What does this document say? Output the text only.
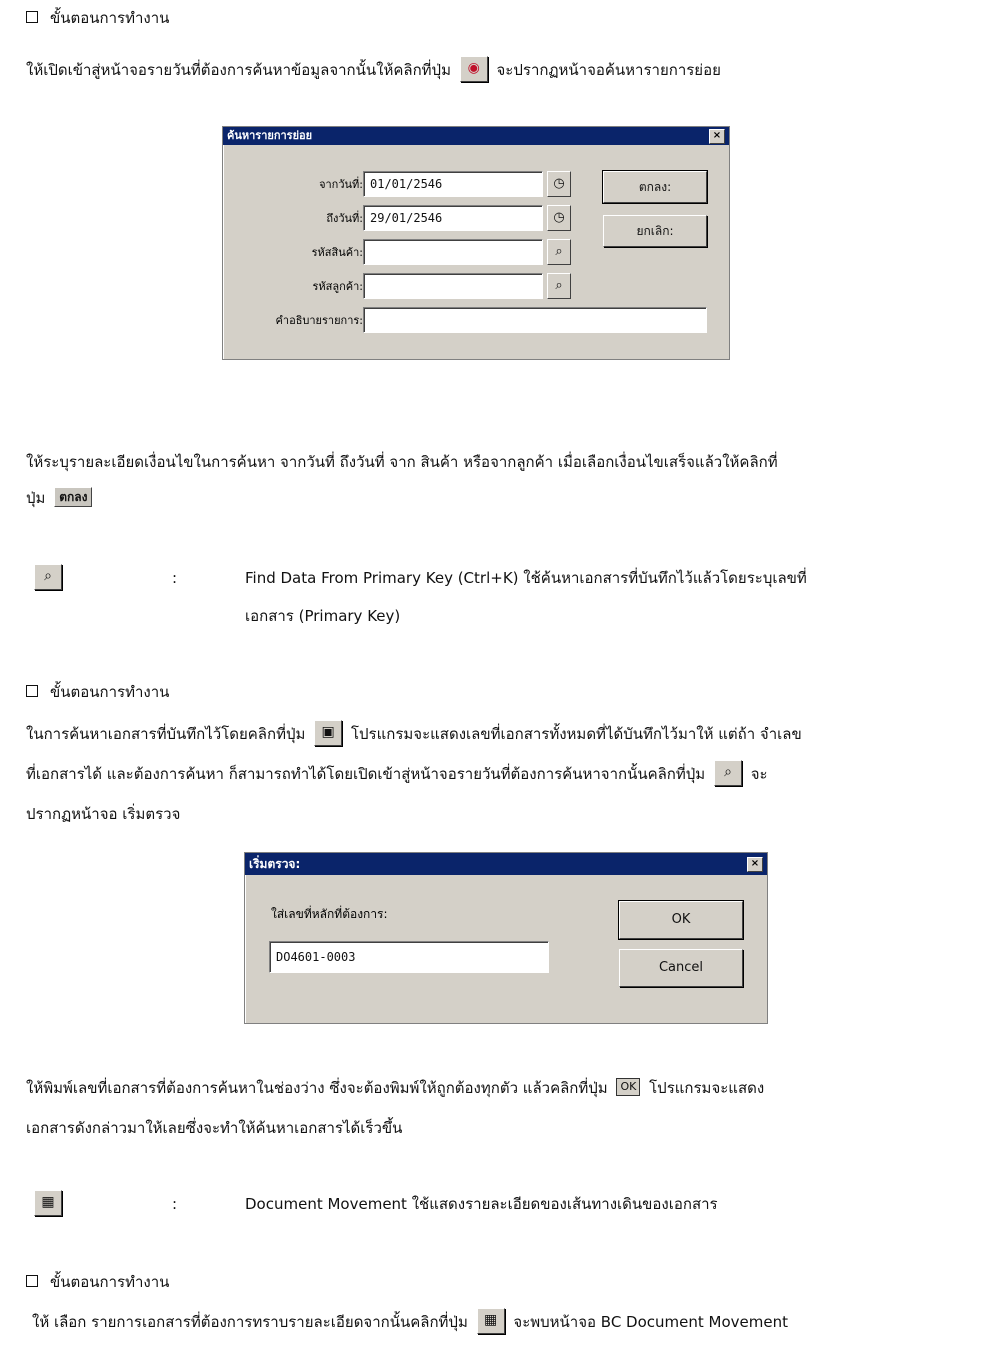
ขั้นตอนการทำงาน
ให้เปิดเข้าสู่หน้าจอรายวันที่ต้องการค้นหาข้อมูลจากนั้นให้คลิกที่ปุ่ม ◉ จะปรากฏหน้าจอค้นหารายการย่อย
ค้นหารายการย่อย	×
จากวันที่: 01/01/2546	◷
ถึงวันที่: 29/01/2546	◷
รหัสสินค้า:	⌕
รหัสลูกค้า:	⌕
คำอธิบายรายการ:
ตกลง:
ยกเลิก:
ให้ระบุรายละเอียดเงื่อนไขในการค้นหา จากวันที่ ถึงวันที่ จาก สินค้า หรือจากลูกค้า เมื่อเลือกเงื่อนไขเสร็จแล้วให้คลิกที่
ปุ่ม ตกลง
⌕	:	Find Data From Primary Key (Ctrl+K) ใช้ค้นหาเอกสารที่บันทึกไว้แล้วโดยระบุเลขที่
เอกสาร (Primary Key)
ขั้นตอนการทำงาน
ในการค้นหาเอกสารที่บันทึกไว้โดยคลิกที่ปุ่ม ▣ โปรแกรมจะแสดงเลขที่เอกสารทั้งหมดที่ได้บันทึกไว้มาให้ แต่ถ้า จำเลข
ที่เอกสารได้ และต้องการค้นหา ก็สามารถทำได้โดยเปิดเข้าสู่หน้าจอรายวันที่ต้องการค้นหาจากนั้นคลิกที่ปุ่ม ⌕ จะ
ปรากฏหน้าจอ เริ่มตรวจ
เริ่มตรวจ:	×
ใส่เลขที่หลักที่ต้องการ:
DO4601-0003
OK
Cancel
ให้พิมพ์เลขที่เอกสารที่ต้องการค้นหาในช่องว่าง ซึ่งจะต้องพิมพ์ให้ถูกต้องทุกตัว แล้วคลิกที่ปุ่ม OK โปรแกรมจะแสดง
เอกสารดังกล่าวมาให้เลยซึ่งจะทำให้ค้นหาเอกสารได้เร็วขึ้น
▦	:	Document Movement ใช้แสดงรายละเอียดของเส้นทางเดินของเอกสาร
ขั้นตอนการทำงาน
ให้ เลือก รายการเอกสารที่ต้องการทราบรายละเอียดจากนั้นคลิกที่ปุ่ม ▦ จะพบหน้าจอ BC Document Movement
